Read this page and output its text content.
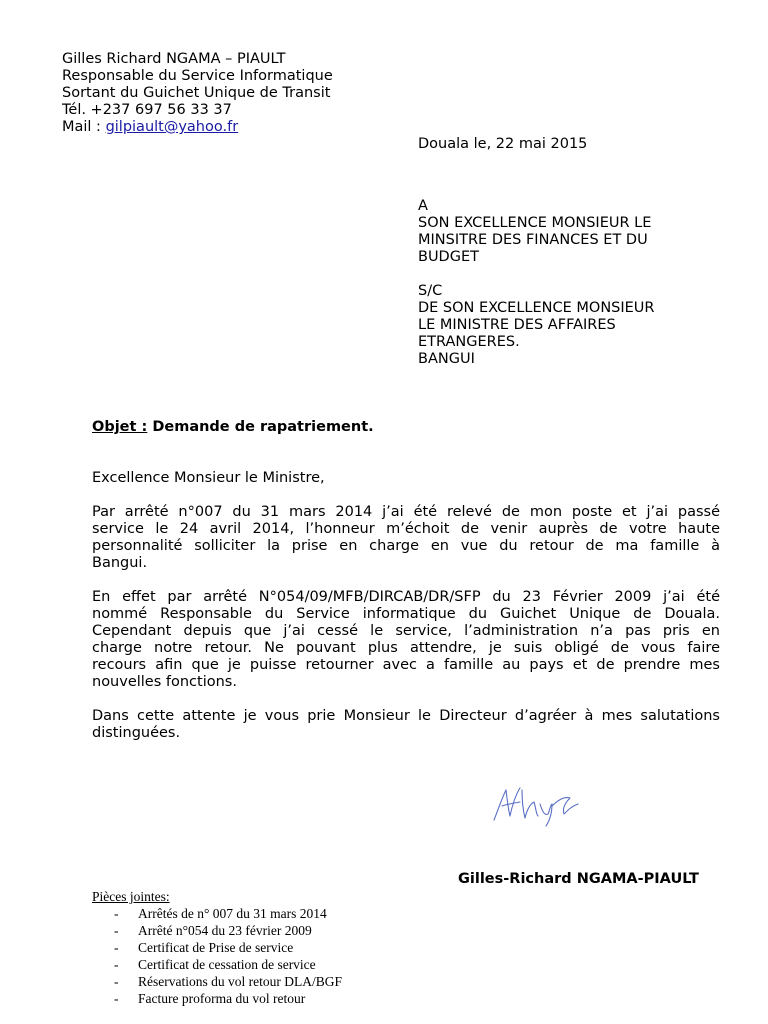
Gilles Richard NGAMA – PIAULT
Responsable du Service Informatique
Sortant du Guichet Unique de Transit
Tél. +237 697 56 33 37
Mail : gilpiault@yahoo.fr
Douala le, 22 mai 2015
A
SON EXCELLENCE MONSIEUR LE
MINSITRE DES FINANCES ET DU
BUDGET
S/C
DE SON EXCELLENCE MONSIEUR
LE MINISTRE DES AFFAIRES
ETRANGERES.
BANGUI
Objet : Demande de rapatriement.

Excellence Monsieur le Ministre,

Par arrêté n°007 du 31 mars 2014 j’ai été relevé de mon poste et j’ai passé
service le 24 avril 2014, l’honneur m’échoit de venir auprès de votre haute
personnalité solliciter la prise en charge en vue du retour de ma famille à
Bangui.

En effet par arrêté N°054/09/MFB/DIRCAB/DR/SFP du 23 Février 2009 j’ai été
nommé Responsable du Service informatique du Guichet Unique de Douala.
Cependant depuis que j’ai cessé le service, l’administration n’a pas pris en
charge notre retour. Ne pouvant plus attendre, je suis obligé de vous faire
recours afin que je puisse retourner avec a famille au pays et de prendre mes
nouvelles fonctions.

Dans cette attente je vous prie Monsieur le Directeur d’agréer à mes salutations
distinguées.

Gilles-Richard NGAMA-PIAULT
Pièces jointes:
-	Arrêtés de n° 007 du 31 mars 2014
-	Arrêté n°054 du 23 février 2009
-	Certificat de Prise de service
-	Certificat de cessation de service
-	Réservations du vol retour DLA/BGF
-	Facture proforma du vol retour
